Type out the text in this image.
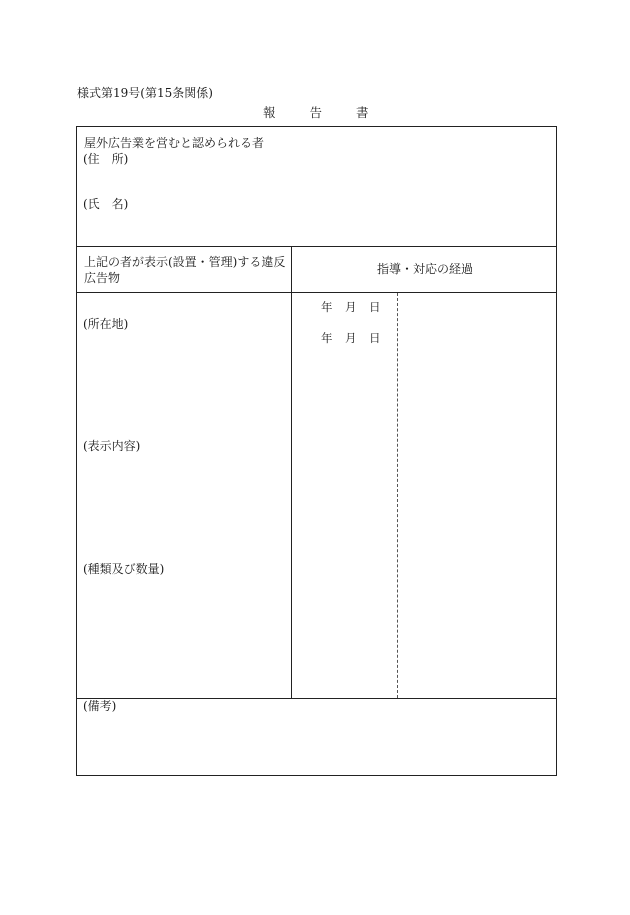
様式第19号(第15条関係)
報	告	書
屋外広告業を営むと認められる者
(住　所)
(氏　名)
上記の者が表示(設置・管理)する違反
広告物
指導・対応の経過
(所在地)
(表示内容)
(種類及び数量)
年 月 日
年 月 日
(備考)
